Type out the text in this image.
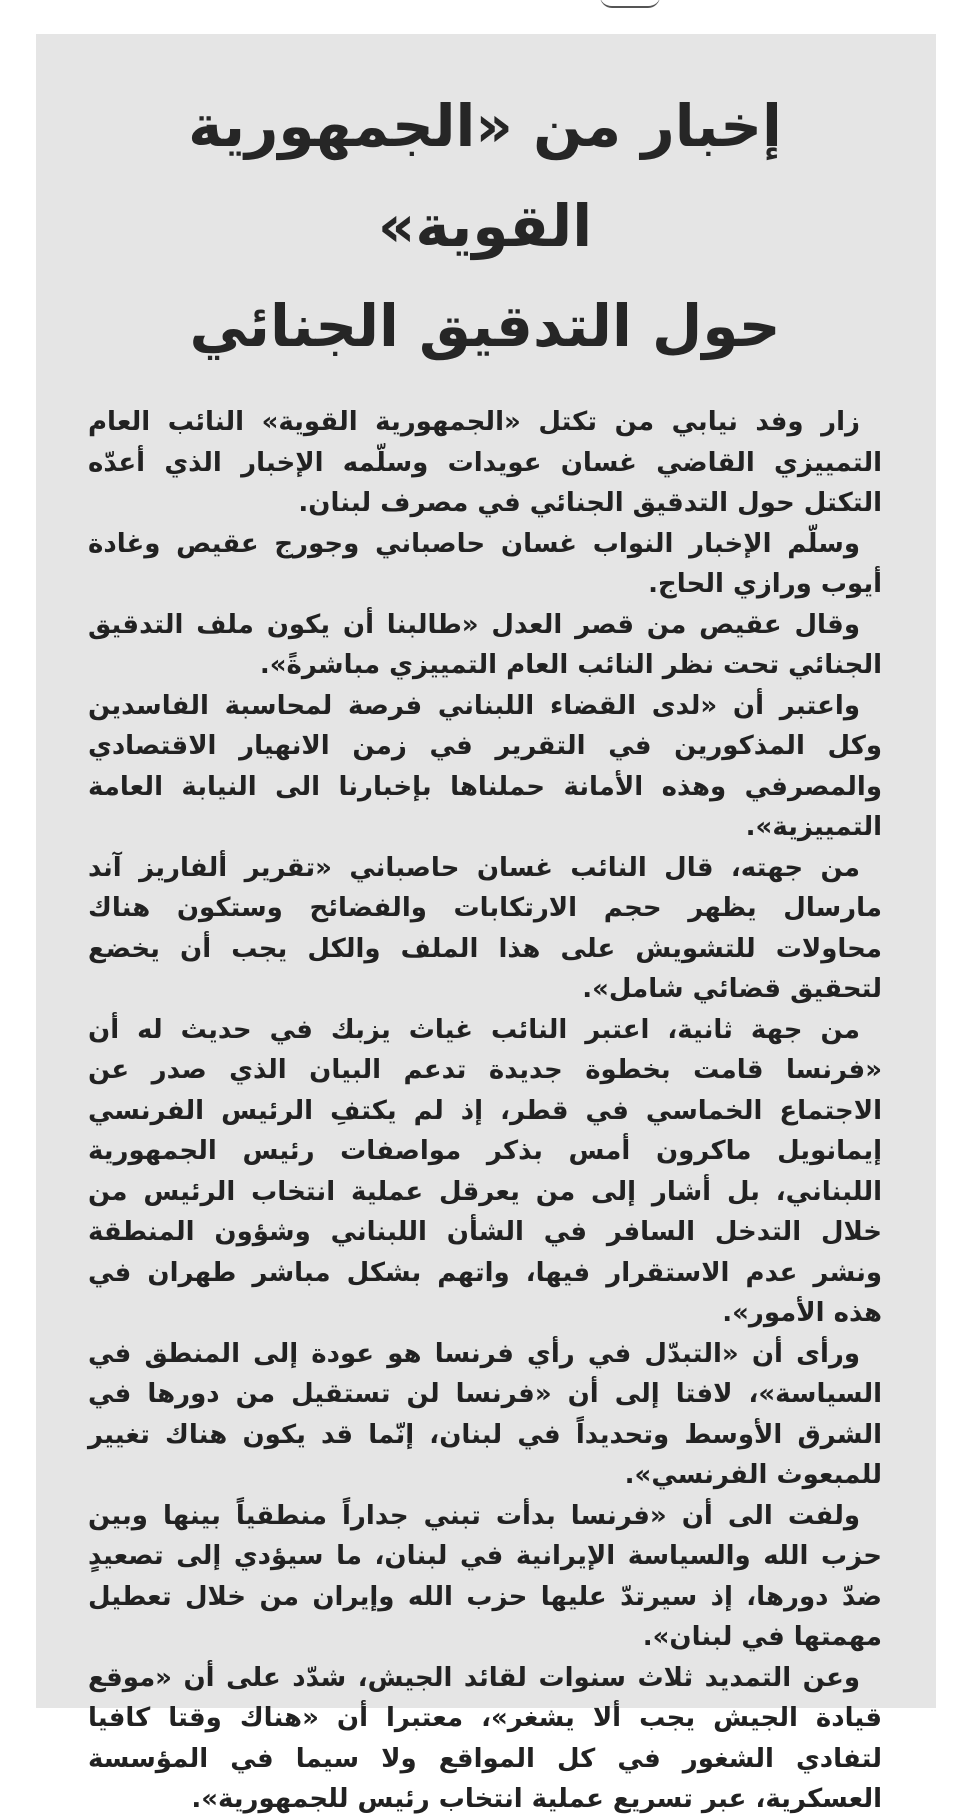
إخبار من «الجمهورية القوية»
حول التدقيق الجنائي

زار وفد نيابي من تكتل «الجمهورية القوية» النائب العام التمييزي القاضي غسان عويدات وسلّمه الإخبار الذي أعدّه التكتل حول التدقيق الجنائي في مصرف لبنان.

وسلّم الإخبار النواب غسان حاصباني وجورج عقيص وغادة أيوب ورازي الحاج.

وقال عقيص من قصر العدل «طالبنا أن يكون ملف التدقيق الجنائي تحت نظر النائب العام التمييزي مباشرةً».

واعتبر أن «لدى القضاء اللبناني فرصة لمحاسبة الفاسدين وكل المذكورين في التقرير في زمن الانهيار الاقتصادي والمصرفي وهذه الأمانة حملناها بإخبارنا الى النيابة العامة التمييزية».

من جهته، قال النائب غسان حاصباني «تقرير ألفاريز آند مارسال يظهر حجم الارتكابات والفضائح وستكون هناك محاولات للتشويش على هذا الملف والكل يجب أن يخضع لتحقيق قضائي شامل».

من جهة ثانية، اعتبر النائب غياث يزبك في حديث له أن «فرنسا قامت بخطوة جديدة تدعم البيان الذي صدر عن الاجتماع الخماسي في قطر، إذ لم يكتفِ الرئيس الفرنسي إيمانويل ماكرون أمس بذكر مواصفات رئيس الجمهورية اللبناني، بل أشار إلى من يعرقل عملية انتخاب الرئيس من خلال التدخل السافر في الشأن اللبناني وشؤون المنطقة ونشر عدم الاستقرار فيها، واتهم بشكل مباشر طهران في هذه الأمور».

ورأى أن «التبدّل في رأي فرنسا هو عودة إلى المنطق في السياسة»، لافتا إلى أن «فرنسا لن تستقيل من دورها في الشرق الأوسط وتحديداً في لبنان، إنّما قد يكون هناك تغيير للمبعوث الفرنسي».

ولفت الى أن «فرنسا بدأت تبني جداراً منطقياً بينها وبين حزب الله والسياسة الإيرانية في لبنان، ما سيؤدي إلى تصعيدٍ ضدّ دورها، إذ سيرتدّ عليها حزب الله وإيران من خلال تعطيل مهمتها في لبنان».

وعن التمديد ثلاث سنوات لقائد الجيش، شدّد على أن «موقع قيادة الجيش يجب ألا يشغر»، معتبرا أن «هناك وقتا كافيا لتفادي الشغور في كل المواقع ولا سيما في المؤسسة العسكرية، عبر تسريع عملية انتخاب رئيس للجمهورية».
